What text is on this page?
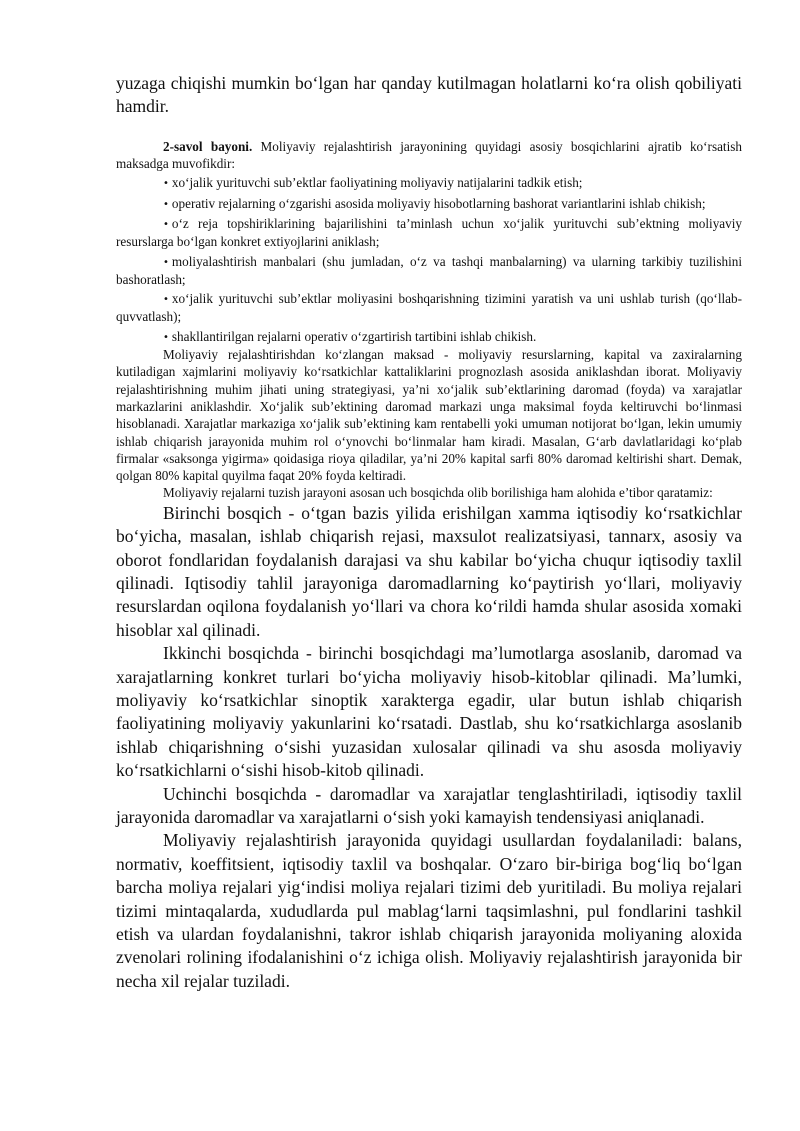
yuzaga chiqishi mumkin bo‘lgan har qanday kutilmagan holatlarni ko‘ra olish qobiliyati hamdir.

2-savol bayoni. Moliyaviy rejalashtirish jarayonining quyidagi asosiy bosqichlarini ajratib ko‘rsatish maksadga muvofikdir:

• xo‘jalik yurituvchi sub’ektlar faoliyatining moliyaviy natijalarini tadkik etish;

• operativ rejalarning o‘zgarishi asosida moliyaviy hisobotlarning bashorat variantlarini ishlab chikish;

• o‘z reja topshiriklarining bajarilishini ta’minlash uchun xo‘jalik yurituvchi sub’ektning moliyaviy resurslarga bo‘lgan konkret extiyojlarini aniklash;

• moliyalashtirish manbalari (shu jumladan, o‘z va tashqi manbalarning) va ularning tarkibiy tuzilishini bashoratlash;

• xo‘jalik yurituvchi sub’ektlar moliyasini boshqarishning tizimini yaratish va uni ushlab turish (qo‘llab-quvvatlash);

• shakllantirilgan rejalarni operativ o‘zgartirish tartibini ishlab chikish.

Moliyaviy rejalashtirishdan ko‘zlangan maksad - moliyaviy resurslarning, kapital va zaxiralarning kutiladigan xajmlarini moliyaviy ko‘rsatkichlar kattaliklarini prognozlash asosida aniklashdan iborat. Moliyaviy rejalashtirishning muhim jihati uning strategiyasi, ya’ni xo‘jalik sub’ektlarining daromad (foyda) va xarajatlar markazlarini aniklashdir. Xo‘jalik sub’ektining daromad markazi unga maksimal foyda keltiruvchi bo‘linmasi hisoblanadi. Xarajatlar markaziga xo‘jalik sub’ektining kam rentabelli yoki umuman notijorat bo‘lgan, lekin umumiy ishlab chiqarish jarayonida muhim rol o‘ynovchi bo‘linmalar ham kiradi. Masalan, G‘arb davlatlaridagi ko‘plab firmalar «saksonga yigirma» qoidasiga rioya qiladilar, ya’ni 20% kapital sarfi 80% daromad keltirishi shart. Demak, qolgan 80% kapital quyilma faqat 20% foyda keltiradi.

Moliyaviy rejalarni tuzish jarayoni asosan uch bosqichda olib borilishiga ham alohida e’tibor qaratamiz:

Birinchi bosqich - o‘tgan bazis yilida erishilgan xamma iqtisodiy ko‘rsatkichlar bo‘yicha, masalan, ishlab chiqarish rejasi, maxsulot realizatsiyasi, tannarx, asosiy va oborot fondlaridan foydalanish darajasi va shu kabilar bo‘yicha chuqur iqtisodiy taxlil qilinadi. Iqtisodiy tahlil jarayoniga daromadlarning ko‘paytirish yo‘llari, moliyaviy resurslardan oqilona foydalanish yo‘llari va chora ko‘rildi hamda shular asosida xomaki hisoblar xal qilinadi.

Ikkinchi bosqichda - birinchi bosqichdagi ma’lumotlarga asoslanib, daromad va xarajatlarning konkret turlari bo‘yicha moliyaviy hisob-kitoblar qilinadi. Ma’lumki, moliyaviy ko‘rsatkichlar sinoptik xarakterga egadir, ular butun ishlab chiqarish faoliyatining moliyaviy yakunlarini ko‘rsatadi. Dastlab, shu ko‘rsatkichlarga asoslanib ishlab chiqarishning o‘sishi yuzasidan xulosalar qilinadi va shu asosda moliyaviy ko‘rsatkichlarni o‘sishi hisob-kitob qilinadi.

Uchinchi bosqichda - daromadlar va xarajatlar tenglashtiriladi, iqtisodiy taxlil jarayonida daromadlar va xarajatlarni o‘sish yoki kamayish tendensiyasi aniqlanadi.

Moliyaviy rejalashtirish jarayonida quyidagi usullardan foydalaniladi: balans, normativ, koeffitsient, iqtisodiy taxlil va boshqalar. O‘zaro bir-biriga bog‘liq bo‘lgan barcha moliya rejalari yig‘indisi moliya rejalari tizimi deb yuritiladi. Bu moliya rejalari tizimi mintaqalarda, xududlarda pul mablag‘larni taqsimlashni, pul fondlarini tashkil etish va ulardan foydalanishni, takror ishlab chiqarish jarayonida moliyaning aloxida zvenolari rolining ifodalanishini o‘z ichiga olish. Moliyaviy rejalashtirish jarayonida bir necha xil rejalar tuziladi.
